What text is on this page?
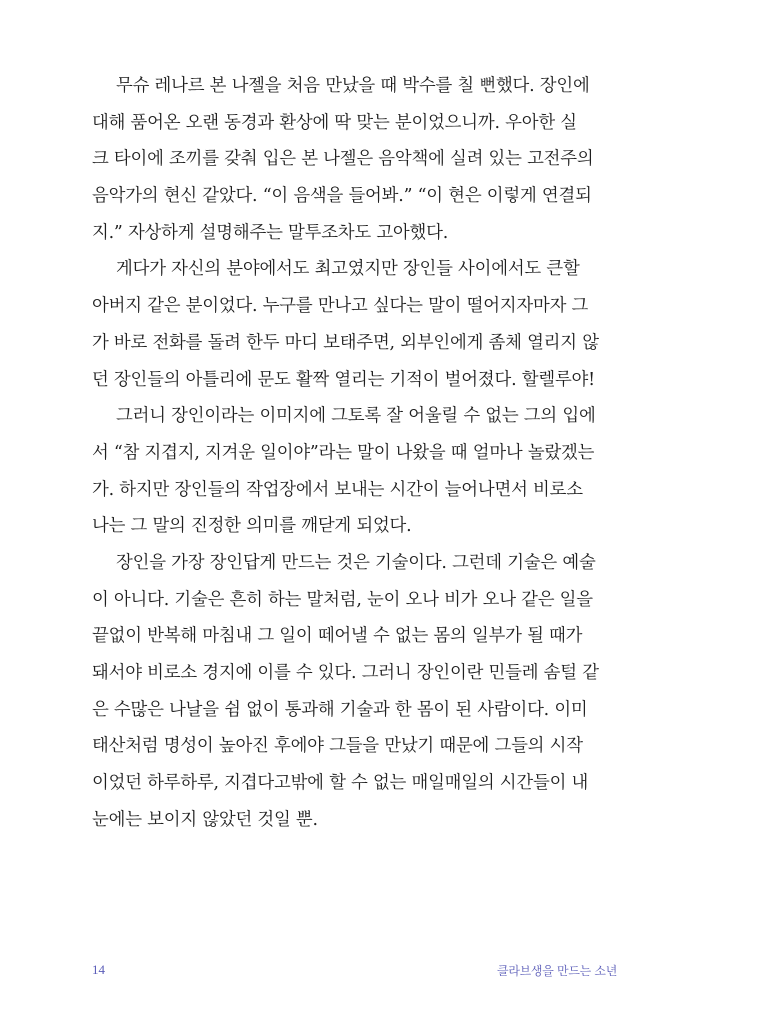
무슈 레나르 본 나젤을 처음 만났을 때 박수를 칠 뻔했다. 장인에
대해 품어온 오랜 동경과 환상에 딱 맞는 분이었으니까. 우아한 실
크 타이에 조끼를 갖춰 입은 본 나젤은 음악책에 실려 있는 고전주의
음악가의 현신 같았다. “이 음색을 들어봐.” “이 현은 이렇게 연결되
지.” 자상하게 설명해주는 말투조차도 고아했다.
게다가 자신의 분야에서도 최고였지만 장인들 사이에서도 큰할
아버지 같은 분이었다. 누구를 만나고 싶다는 말이 떨어지자마자 그
가 바로 전화를 돌려 한두 마디 보태주면, 외부인에게 좀체 열리지 않
던 장인들의 아틀리에 문도 활짝 열리는 기적이 벌어졌다. 할렐루야!
그러니 장인이라는 이미지에 그토록 잘 어울릴 수 없는 그의 입에
서 “참 지겹지, 지겨운 일이야”라는 말이 나왔을 때 얼마나 놀랐겠는
가. 하지만 장인들의 작업장에서 보내는 시간이 늘어나면서 비로소
나는 그 말의 진정한 의미를 깨닫게 되었다.
장인을 가장 장인답게 만드는 것은 기술이다. 그런데 기술은 예술
이 아니다. 기술은 흔히 하는 말처럼, 눈이 오나 비가 오나 같은 일을
끝없이 반복해 마침내 그 일이 떼어낼 수 없는 몸의 일부가 될 때가
돼서야 비로소 경지에 이를 수 있다. 그러니 장인이란 민들레 솜털 같
은 수많은 나날을 쉼 없이 통과해 기술과 한 몸이 된 사람이다. 이미
태산처럼 명성이 높아진 후에야 그들을 만났기 때문에 그들의 시작
이었던 하루하루, 지겹다고밖에 할 수 없는 매일매일의 시간들이 내
눈에는 보이지 않았던 것일 뿐.
14	클라브생을 만드는 소년
